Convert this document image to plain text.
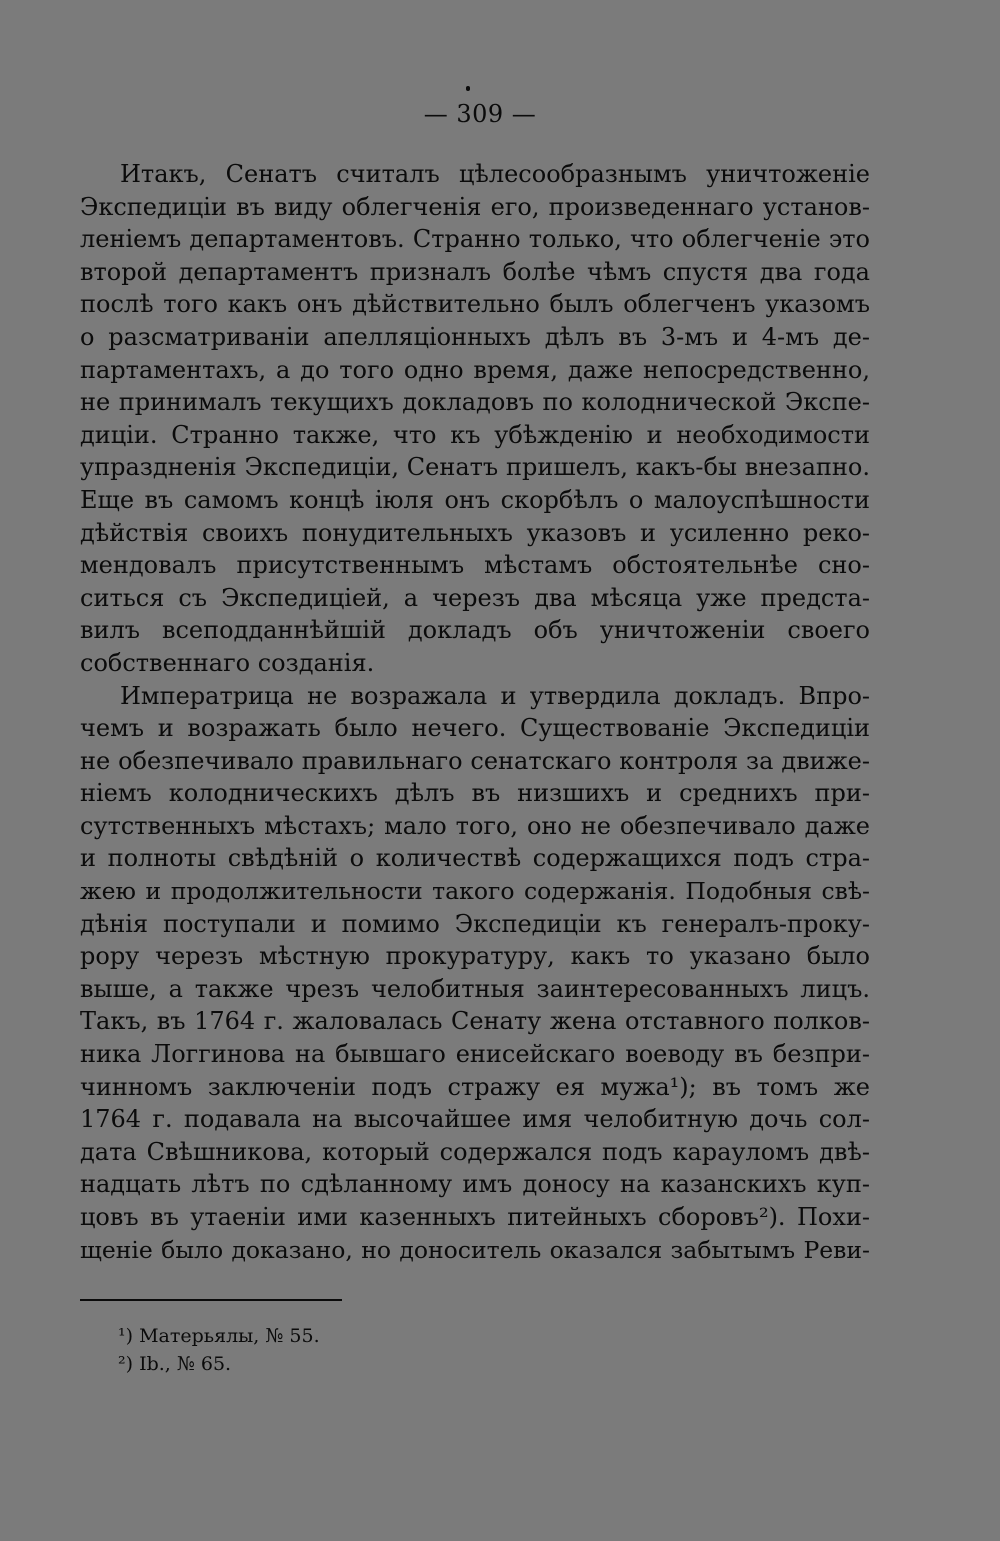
— 309 —
Итакъ, Сенатъ считалъ цѣлесообразнымъ уничтоженіе
Экспедиціи въ виду облегченія его, произведеннаго установ-
леніемъ департаментовъ. Странно только, что облегченіе это
второй департаментъ призналъ болѣе чѣмъ спустя два года
послѣ того какъ онъ дѣйствительно былъ облегченъ указомъ
о разсматриваніи апелляціонныхъ дѣлъ въ 3-мъ и 4-мъ де-
партаментахъ, а до того одно время, даже непосредственно,
не принималъ текущихъ докладовъ по колоднической Экспе-
диціи. Странно также, что къ убѣжденію и необходимости
упраздненія Экспедиціи, Сенатъ пришелъ, какъ-бы внезапно.
Еще въ самомъ концѣ іюля онъ скорбѣлъ о малоуспѣшности
дѣйствія своихъ понудительныхъ указовъ и усиленно реко-
мендовалъ присутственнымъ мѣстамъ обстоятельнѣе сно-
ситься съ Экспедиціей, а черезъ два мѣсяца уже предста-
вилъ всеподданнѣйшій докладъ объ уничтоженіи своего
собственнаго созданія.
Императрица не возражала и утвердила докладъ. Впро-
чемъ и возражать было нечего. Существованіе Экспедиціи
не обезпечивало правильнаго сенатскаго контроля за движе-
ніемъ колодническихъ дѣлъ въ низшихъ и среднихъ при-
сутственныхъ мѣстахъ; мало того, оно не обезпечивало даже
и полноты свѣдѣній о количествѣ содержащихся подъ стра-
жею и продолжительности такого содержанія. Подобныя свѣ-
дѣнія поступали и помимо Экспедиціи къ генералъ-проку-
рору черезъ мѣстную прокуратуру, какъ то указано было
выше, а также чрезъ челобитныя заинтересованныхъ лицъ.
Такъ, въ 1764 г. жаловалась Сенату жена отставного полков-
ника Логгинова на бывшаго енисейскаго воеводу въ безпри-
чинномъ заключеніи подъ стражу ея мужа¹); въ томъ же
1764 г. подавала на высочайшее имя челобитную дочь сол-
дата Свѣшникова, который содержался подъ карауломъ двѣ-
надцать лѣтъ по сдѣланному имъ доносу на казанскихъ куп-
цовъ въ утаеніи ими казенныхъ питейныхъ сборовъ²). Похи-
щеніе было доказано, но доноситель оказался забытымъ Реви-
¹) Матерьялы, № 55.
²) Ib., № 65.
